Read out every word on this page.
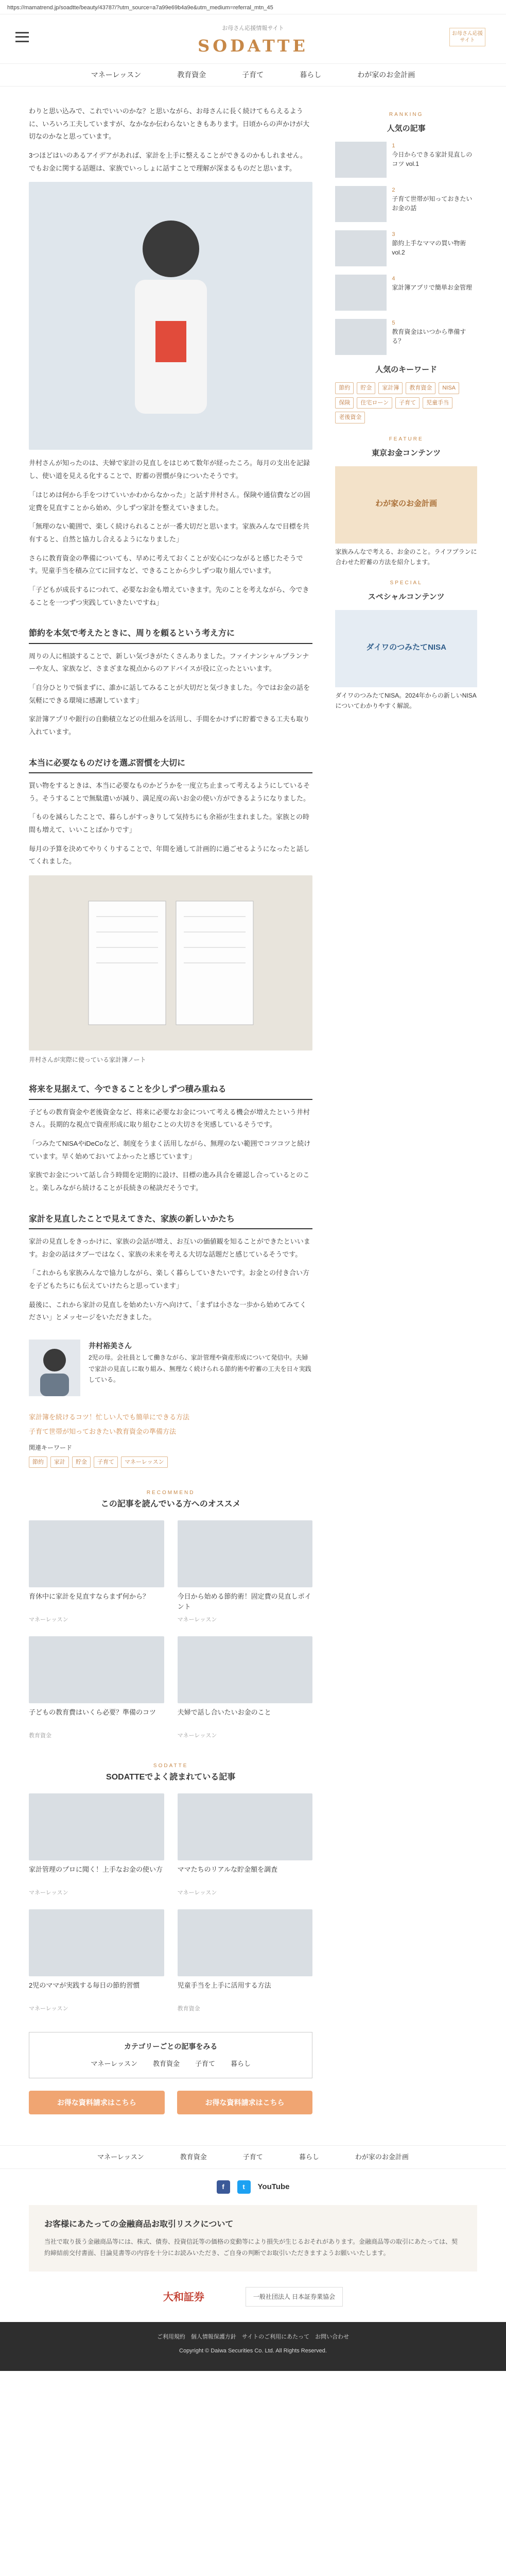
https://mamatrend.jp/soadtte/beauty/43787/?utm_source=a7a99e69b4a9e&utm_medium=referral_mtn_45
お母さん応援情報サイト
SODATTE
お母さん応援サイト
マネーレッスン	教育資金	子育て	暮らし	わが家のお金計画

わりと思い込みで、これでいいのかな？と思いながら、お母さんに長く続けてもらえるように、いろいろ工夫していますが、なかなか伝わらないときもあります。日頃からの声かけが大切なのかなと思っています。

3つほどはいのあるアイデアがあれば、家計を上手に整えることができるのかもしれません。でもお金に関する話題は、家族でいっしょに話すことで理解が深まるものだと思います。

井村さんが知ったのは、夫婦で家計の見直しをはじめて数年が経ったころ。毎月の支出を記録し、使い道を見える化することで、貯蓄の習慣が身についたそうです。

「はじめは何から手をつけていいかわからなかった」と話す井村さん。保険や通信費などの固定費を見直すことから始め、少しずつ家計を整えていきました。

「無理のない範囲で、楽しく続けられることが一番大切だと思います。家族みんなで目標を共有すると、自然と協力し合えるようになりました」

さらに教育資金の準備についても、早めに考えておくことが安心につながると感じたそうです。児童手当を積み立てに回すなど、できることから少しずつ取り組んでいます。

「子どもが成長するにつれて、必要なお金も増えていきます。先のことを考えながら、今できることを一つずつ実践していきたいですね」

節約を本気で考えたときに、周りを頼るという考え方に

周りの人に相談することで、新しい気づきがたくさんありました。ファイナンシャルプランナーや友人、家族など、さまざまな視点からのアドバイスが役に立ったといいます。

「自分ひとりで悩まずに、誰かに話してみることが大切だと気づきました。今ではお金の話を気軽にできる環境に感謝しています」

家計簿アプリや銀行の自動積立などの仕組みを活用し、手間をかけずに貯蓄できる工夫も取り入れています。

本当に必要なものだけを選ぶ習慣を大切に

買い物をするときは、本当に必要なものかどうかを一度立ち止まって考えるようにしているそう。そうすることで無駄遣いが減り、満足度の高いお金の使い方ができるようになりました。

「ものを減らしたことで、暮らしがすっきりして気持ちにも余裕が生まれました。家族との時間も増えて、いいことばかりです」

毎月の予算を決めてやりくりすることで、年間を通して計画的に過ごせるようになったと話してくれました。

井村さんが実際に使っている家計簿ノート
将来を見据えて、今できることを少しずつ積み重ねる

子どもの教育資金や老後資金など、将来に必要なお金について考える機会が増えたという井村さん。長期的な視点で資産形成に取り組むことの大切さを実感しているそうです。

「つみたてNISAやiDeCoなど、制度をうまく活用しながら、無理のない範囲でコツコツと続けています。早く始めておいてよかったと感じています」

家族でお金について話し合う時間を定期的に設け、目標の進み具合を確認し合っているとのこと。楽しみながら続けることが長続きの秘訣だそうです。

家計を見直したことで見えてきた、家族の新しいかたち

家計の見直しをきっかけに、家族の会話が増え、お互いの価値観を知ることができたといいます。お金の話はタブーではなく、家族の未来を考える大切な話題だと感じているそうです。

「これからも家族みんなで協力しながら、楽しく暮らしていきたいです。お金との付き合い方を子どもたちにも伝えていけたらと思っています」

最後に、これから家計の見直しを始めたい方へ向けて、「まずは小さな一歩から始めてみてください」とメッセージをいただきました。

井村裕美さん
2児の母。会社員として働きながら、家計管理や資産形成について発信中。夫婦で家計の見直しに取り組み、無理なく続けられる節約術や貯蓄の工夫を日々実践している。
家計簿を続けるコツ！忙しい人でも簡単にできる方法
子育て世帯が知っておきたい教育資金の準備方法
関連キーワード
節約	家計	貯金	子育て	マネーレッスン
RECOMMEND
この記事を読んでいる方へのオススメ
育休中に家計を見直すならまず何から？
マネーレッスン
今日から始める節約術！固定費の見直しポイント
マネーレッスン
子どもの教育費はいくら必要？準備のコツ
教育資金
夫婦で話し合いたいお金のこと
マネーレッスン
SODATTE
SODATTEでよく読まれている記事
家計管理のプロに聞く！上手なお金の使い方
マネーレッスン
ママたちのリアルな貯金額を調査
マネーレッスン
2児のママが実践する毎日の節約習慣
マネーレッスン
児童手当を上手に活用する方法
教育資金
カテゴリーごとの記事をみる
マネーレッスン 教育資金 子育て 暮らし
お得な資料請求はこちら	お得な資料請求はこちら
RANKING
人気の記事
1
今日からできる家計見直しのコツ vol.1
2
子育て世帯が知っておきたいお金の話
3
節約上手なママの買い物術 vol.2
4
家計簿アプリで簡単お金管理
5
教育資金はいつから準備する？
人気のキーワード
節約	貯金	家計簿	教育資金	NISA
保険	住宅ローン	子育て	児童手当
老後資金
FEATURE
東京お金コンテンツ
わが家のお金計画
家族みんなで考える、お金のこと。ライフプランに合わせた貯蓄の方法を紹介します。
SPECIAL
スペシャルコンテンツ
ダイワのつみたてNISA
ダイワのつみたてNISA。2024年からの新しいNISAについてわかりやすく解説。
マネーレッスン	教育資金	子育て	暮らし	わが家のお金計画
f	t	YouTube
お客様にあたっての金融商品お取引リスクについて

当社で取り扱う金融商品等には、株式、債券、投資信託等の価格の変動等により損失が生じるおそれがあります。金融商品等の取引にあたっては、契約締結前交付書面、目論見書等の内容を十分にお読みいただき、ご自身の判断でお取引いただきますようお願いいたします。

大和証券	一般社団法人 日本証券業協会
ご利用規約　個人情報保護方針　サイトのご利用にあたって　お問い合わせ
Copyright © Daiwa Securities Co. Ltd. All Rights Reserved.
